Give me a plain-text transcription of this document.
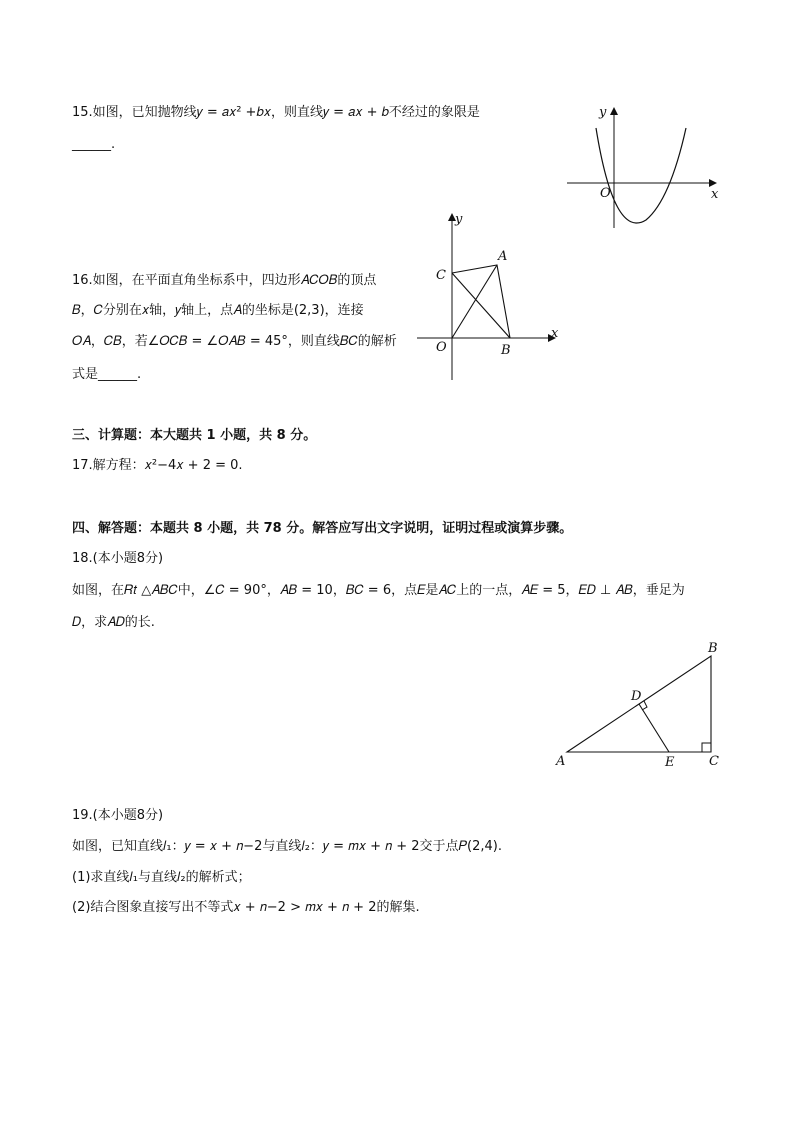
15.如图，已知抛物线𝑦 = 𝑎𝑥² +𝑏𝑥，则直线𝑦 = 𝑎𝑥 + 𝑏不经过的象限是
______.
y
x
O
16.如图，在平面直角坐标系中，四边形𝐴𝐶𝑂𝐵的顶点
𝐵，𝐶分别在𝑥轴，𝑦轴上，点𝐴的坐标是(2,3)，连接
𝑂𝐴，𝐶𝐵，若∠𝑂𝐶𝐵 = ∠𝑂𝐴𝐵 = 45°，则直线𝐵𝐶的解析
式是______.
y
x
O
A
B
C
三、计算题：本大题共 1 小题，共 8 分。
17.解方程：𝑥²−4𝑥 + 2 = 0.
四、解答题：本题共 8 小题，共 78 分。解答应写出文字说明，证明过程或演算步骤。
18.(本小题8分)
如图，在𝑅𝑡 △𝐴𝐵𝐶中，∠𝐶 = 90°，𝐴𝐵 = 10，𝐵𝐶 = 6，点𝐸是𝐴𝐶上的一点，𝐴𝐸 = 5，𝐸𝐷 ⊥ 𝐴𝐵，垂足为
𝐷，求𝐴𝐷的长.
A
B
C
D
E
19.(本小题8分)
如图，已知直线𝑙₁：𝑦 = 𝑥 + 𝑛−2与直线𝑙₂：𝑦 = 𝑚𝑥 + 𝑛 + 2交于点𝑃(2,4).
(1)求直线𝑙₁与直线𝑙₂的解析式；
(2)结合图象直接写出不等式𝑥 + 𝑛−2 > 𝑚𝑥 + 𝑛 + 2的解集.
